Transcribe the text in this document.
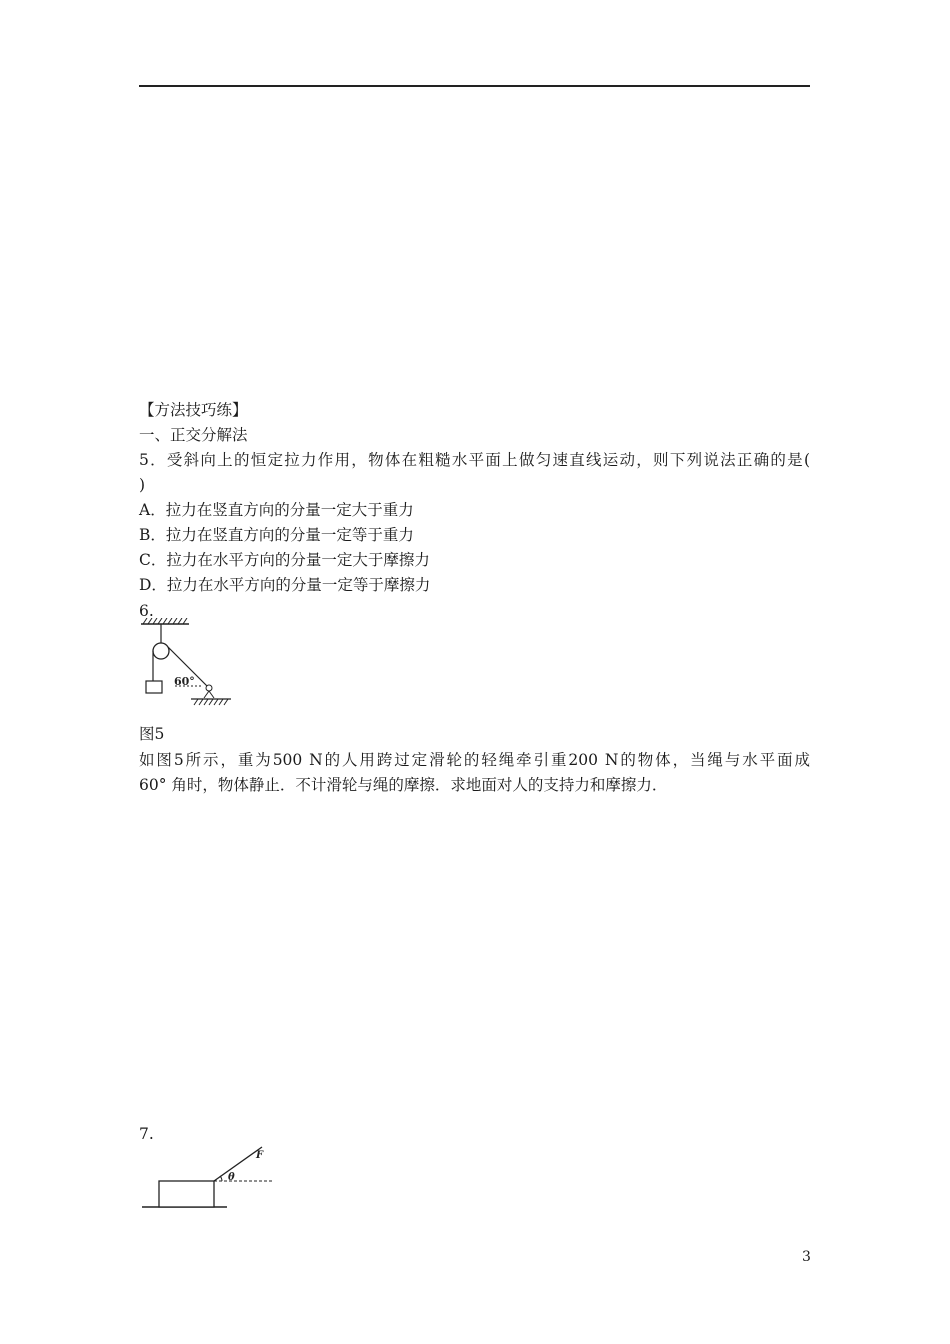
【方法技巧练】
一、正交分解法
5．受斜向上的恒定拉力作用，物体在粗糙水平面上做匀速直线运动，则下列说法正确的是(
)
A．拉力在竖直方向的分量一定大于重力
B．拉力在竖直方向的分量一定等于重力
C．拉力在水平方向的分量一定大于摩擦力
D．拉力在水平方向的分量一定等于摩擦力
6.
60°
图5
如图5所示，重为500 N的人用跨过定滑轮的轻绳牵引重200 N的物体，当绳与水平面成
60° 角时，物体静止．不计滑轮与绳的摩擦．求地面对人的支持力和摩擦力．
7.
θ
F
3
